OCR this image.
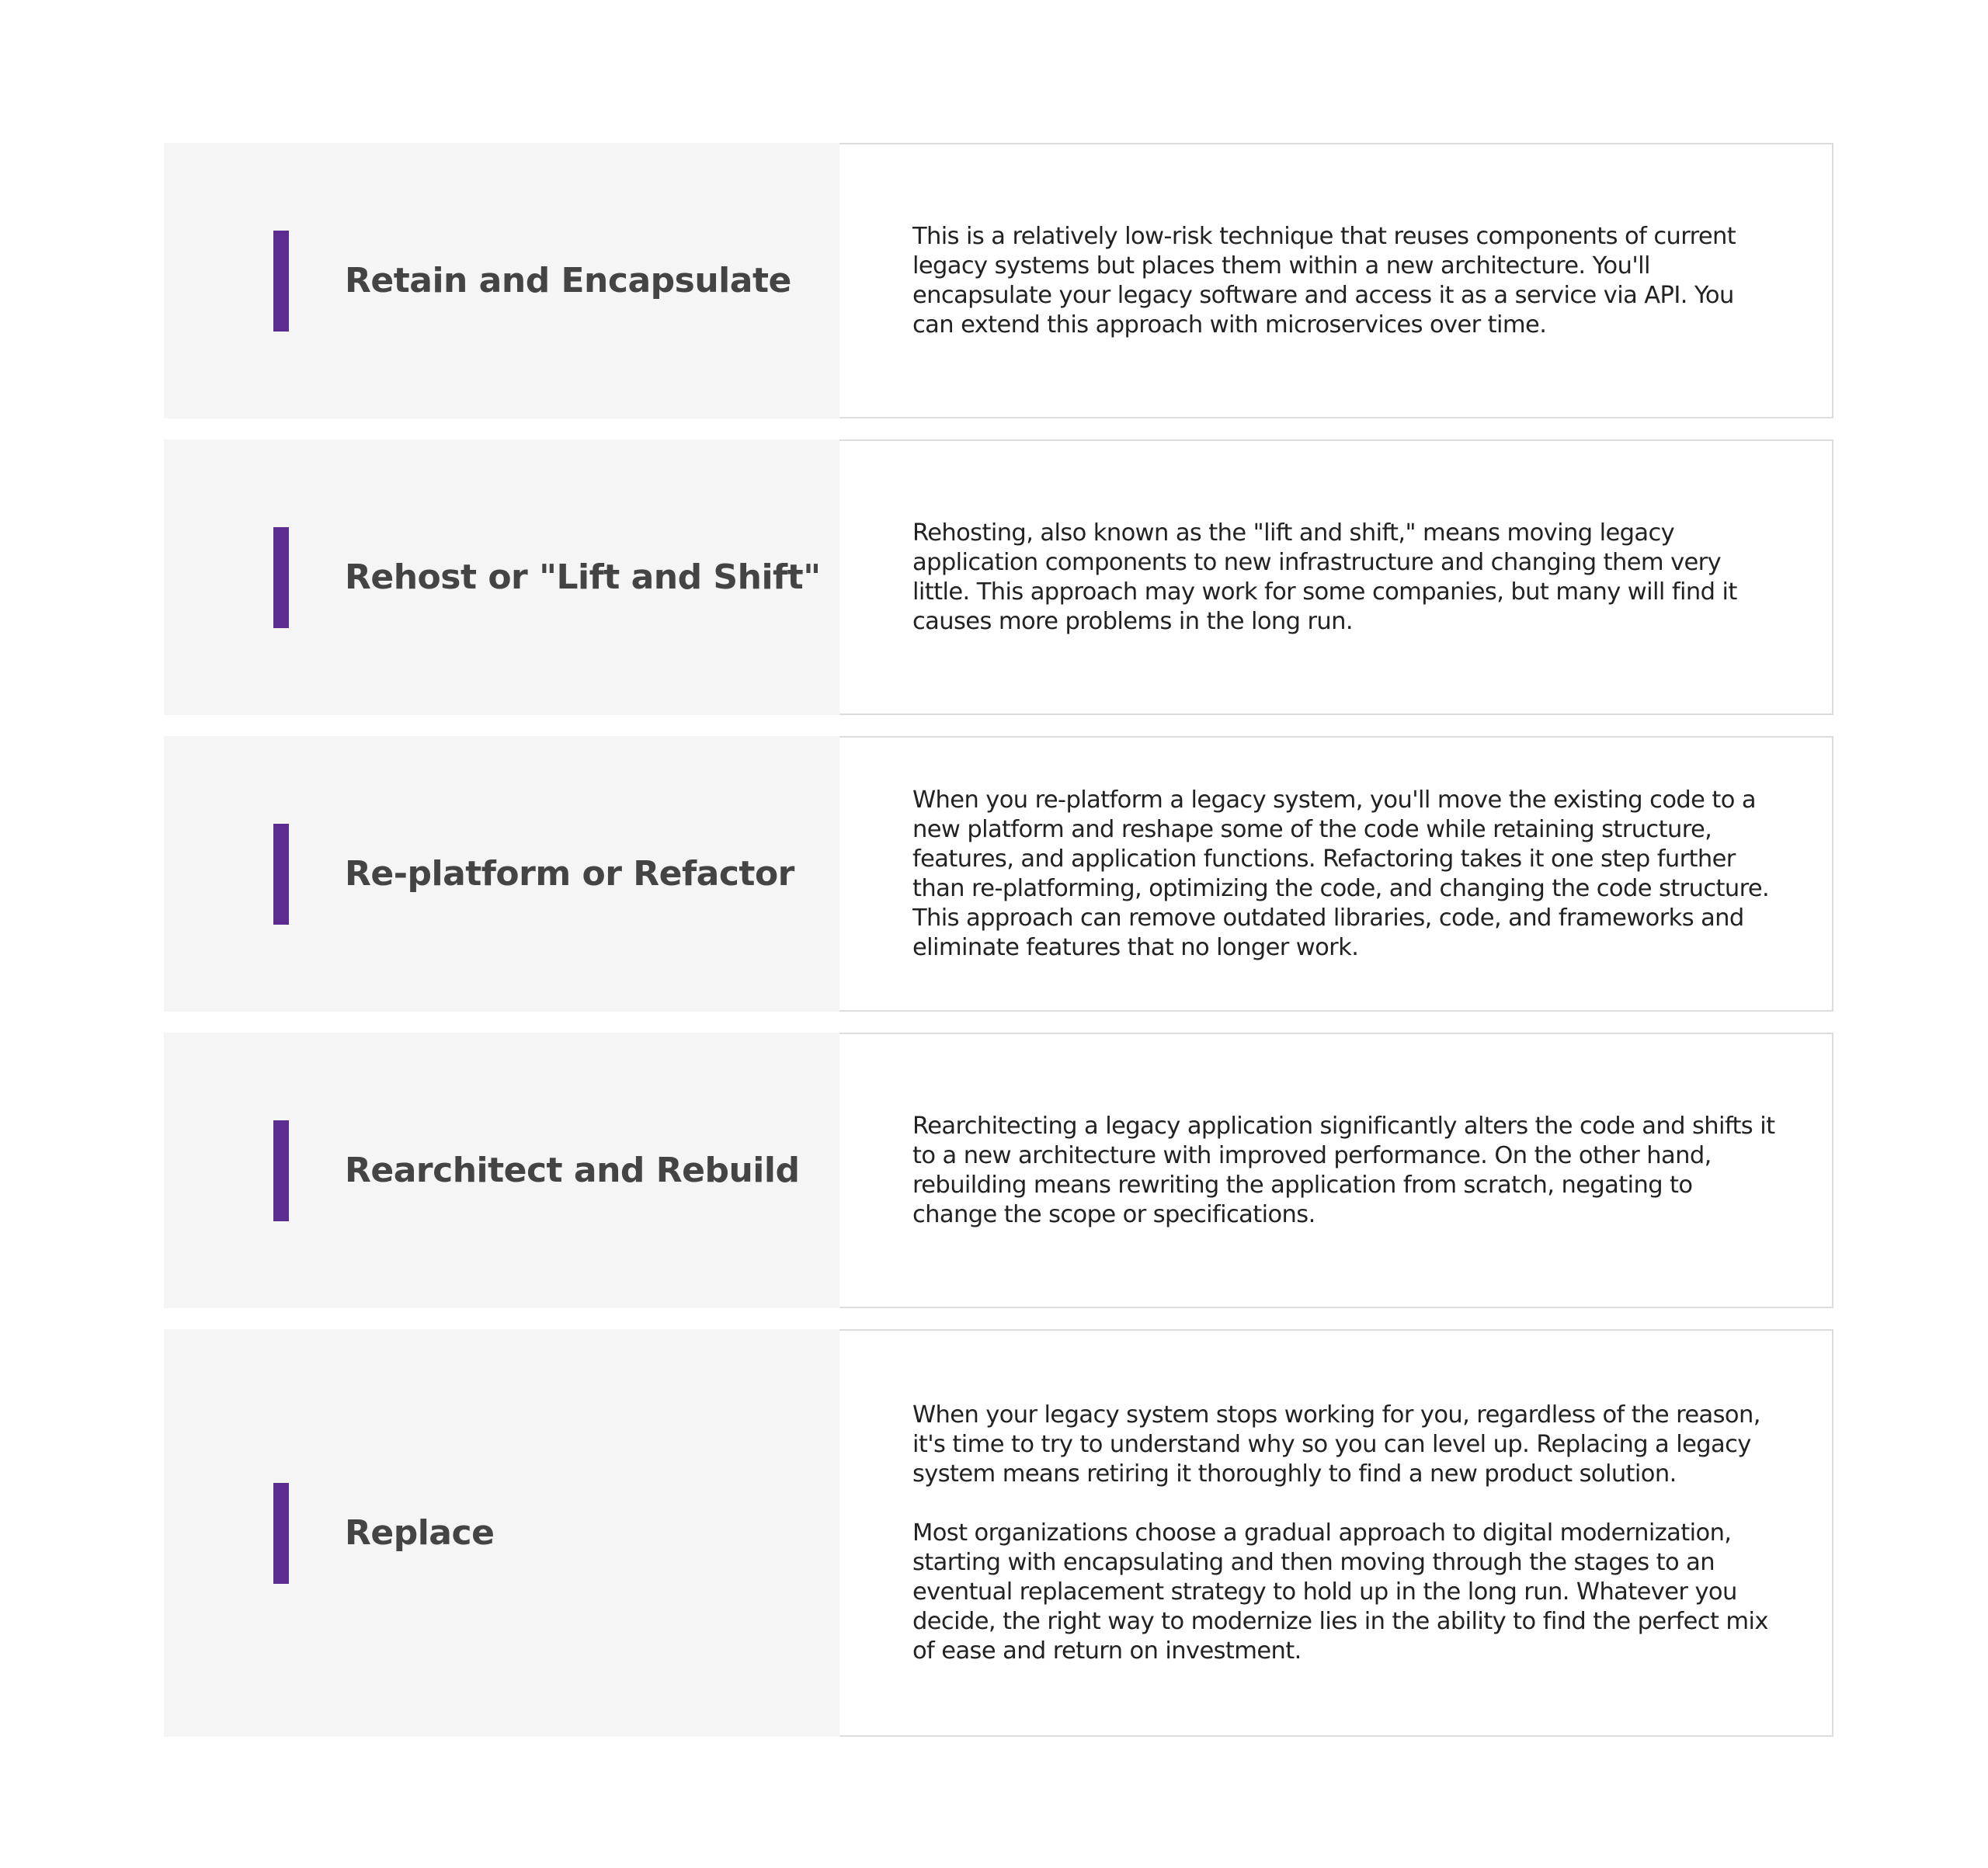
Retain and Encapsulate

This is a relatively low-risk technique that reuses components of current legacy systems but places them within a new architecture. You'll encapsulate your legacy software and access it as a service via API. You can extend this approach with microservices over time.

Rehost or "Lift and Shift"

Rehosting, also known as the "lift and shift," means moving legacy application components to new infrastructure and changing them very little. This approach may work for some companies, but many will find it causes more problems in the long run.

Re-platform or Refactor

When you re-platform a legacy system, you'll move the existing code to a new platform and reshape some of the code while retaining structure, features, and application functions. Refactoring takes it one step further than re-platforming, optimizing the code, and changing the code structure. This approach can remove outdated libraries, code, and frameworks and eliminate features that no longer work.

Rearchitect and Rebuild

Rearchitecting a legacy application significantly alters the code and shifts it to a new architecture with improved performance. On the other hand, rebuilding means rewriting the application from scratch, negating to change the scope or specifications.

Replace

When your legacy system stops working for you, regardless of the reason, it's time to try to understand why so you can level up. Replacing a legacy system means retiring it thoroughly to find a new product solution.

Most organizations choose a gradual approach to digital modernization, starting with encapsulating and then moving through the stages to an eventual replacement strategy to hold up in the long run. Whatever you decide, the right way to modernize lies in the ability to find the perfect mix of ease and return on investment.
